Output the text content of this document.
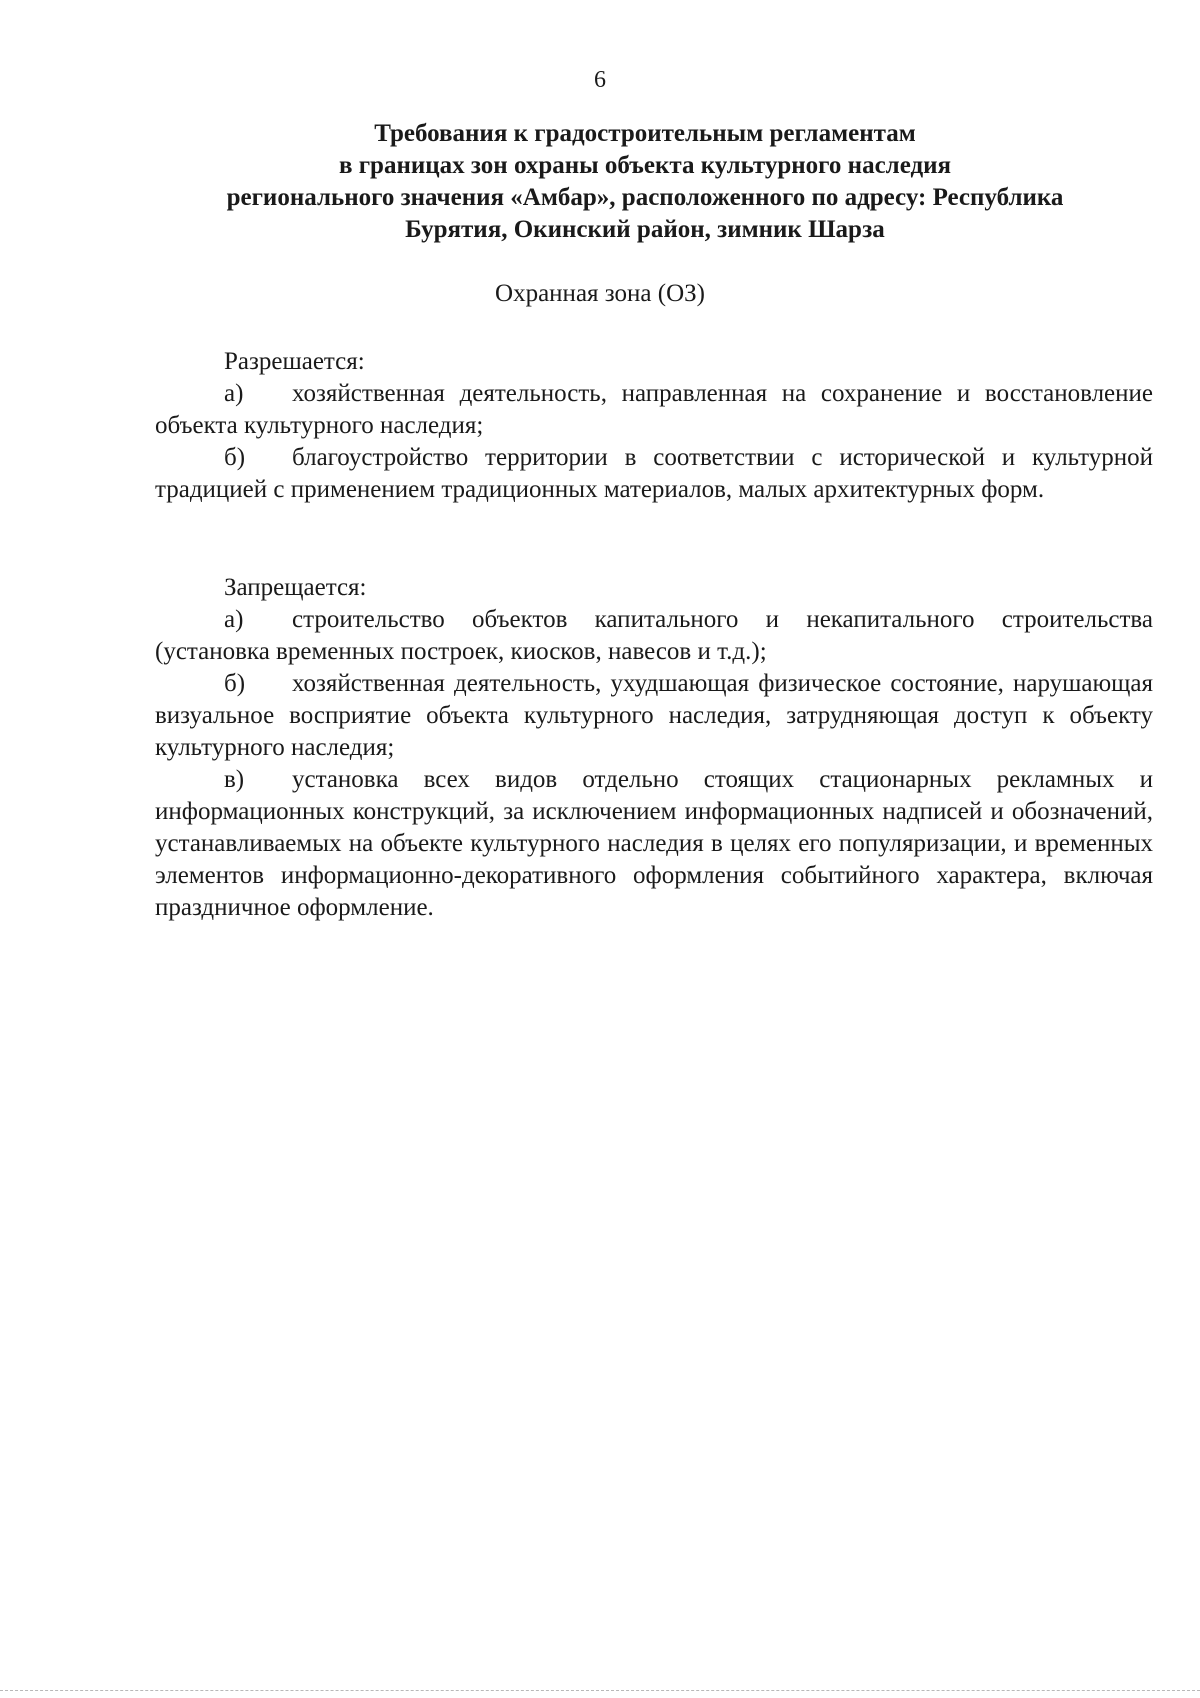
6
Требования к градостроительным регламентам
в границах зон охраны объекта культурного наследия
регионального значения «Амбар», расположенного по адресу: Республика
Бурятия, Окинский район, зимник Шарза
Охранная зона (ОЗ)

Разрешается:

а) хозяйственная деятельность, направленная на сохранение и восстановление объекта культурного наследия;

б) благоустройство территории в соответствии с исторической и культурной традицией с применением традиционных материалов, малых архитектурных форм.

Запрещается:

а) строительство объектов капитального и некапитального строительства (установка временных построек, киосков, навесов и т.д.);

б) хозяйственная деятельность, ухудшающая физическое состояние, нарушающая визуальное восприятие объекта культурного наследия, затрудняющая доступ к объекту культурного наследия;

в) установка всех видов отдельно стоящих стационарных рекламных и информационных конструкций, за исключением информационных надписей и обозначений, устанавливаемых на объекте культурного наследия в целях его популяризации, и временных элементов информационно-декоративного оформления событийного характера, включая праздничное оформление.
